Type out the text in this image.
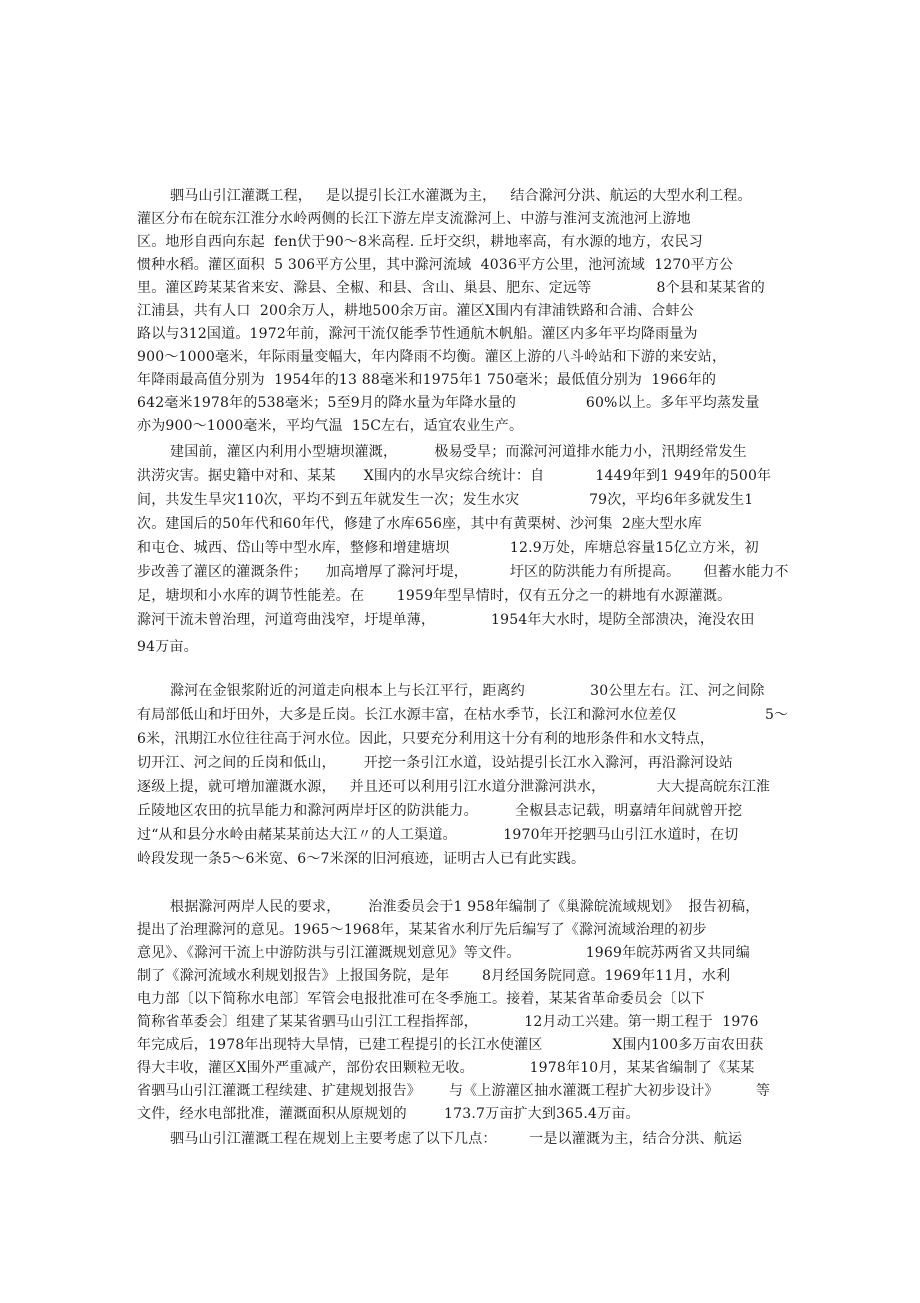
驷马山引江灌溉工程，   是以提引长江水灌溉为主，   结合滁河分洪、航运的大型水利工程。
灌区分布在皖东江淮分水岭两侧的长江下游左岸支流滁河上、中游与淮河支流池河上游地
区。地形自西向东起  fen伏于90～8米高程. 丘圩交织，耕地率高，有水源的地方，农民习
惯种水稻。灌区面积  5 306平方公里，其中滁河流域  4036平方公里，池河流域  1270平方公
里。灌区跨某某省来安、滁县、全椒、和县、含山、巢县、肥东、定远等              8个县和某某省的
江浦县，共有人口  200余万人，耕地500余万亩。灌区X围内有津浦铁路和合浦、合蚌公
路以与312国道。1972年前，滁河干流仅能季节性通航木帆船。灌区内多年平均降雨量为
900～1000毫米，年际雨量变幅大，年内降雨不均衡。灌区上游的八斗岭站和下游的来安站，
年降雨最高值分别为  1954年的13 88毫米和1975年1 750毫米；最低值分别为  1966年的
642毫米1978年的538毫米；5至9月的降水量为年降水量的               60%以上。多年平均蒸发量
亦为900～1000毫米，平均气温  15C左右，适宜农业生产。
建国前，灌区内利用小型塘坝灌溉，        极易受旱；而滁河河道排水能力小，汛期经常发生
洪涝灾害。据史籍中对和、某某      X围内的水旱灾综合统计：自           1449年到1 949年的500年
间，共发生旱灾110次，平均不到五年就发生一次；发生水灾               79次，平均6年多就发生1
次。建国后的50年代和60年代，修建了水库656座，其中有黄栗树、沙河集  2座大型水库
和屯仓、城西、岱山等中型水库，整修和增建塘坝             12.9万处，库塘总容量15亿立方米，初
步改善了灌区的灌溉条件；    加高增厚了滁河圩堤，         圩区的防洪能力有所提高。     但蓄水能力不
足，塘坝和小水库的调节性能差。在       1959年型旱情时，仅有五分之一的耕地有水源灌溉。
滁河干流未曾治理，河道弯曲浅窄，圩堤单薄，            1954年大水时，堤防全部溃决，淹没农田
94万亩。
滁河在金银浆附近的河道走向根本上与长江平行，距离约              30公里左右。江、河之间除
有局部低山和圩田外，大多是丘岗。长江水源丰富，在枯水季节，长江和滁河水位差仅                   5～
6米，汛期江水位往往高于河水位。因此，只要充分利用这十分有利的地形条件和水文特点，
切开江、河之间的丘岗和低山，      开挖一条引江水道，设站提引长江水入滁河，再沿滁河设站
逐级上提，就可增加灌溉水源，   并且还可以利用引江水道分泄滁河洪水，           大大提高皖东江淮
丘陵地区农田的抗旱能力和滁河两岸圩区的防洪能力。        全椒县志记载，明嘉靖年间就曾开挖
过“从和县分水岭由赭某某前达大江〃的人工渠道。          1970年开挖驷马山引江水道时，在切
岭段发现一条5～6米宽、6～7米深的旧河痕迹，证明古人已有此实践。
根据滁河两岸人民的要求，      治淮委员会于1 958年编制了《巢滁皖流域规划》  报告初稿，
提出了治理滁河的意见。1965～1968年，某某省水利厅先后编写了《滁河流域治理的初步
意见》、《滁河干流上中游防洪与引江灌溉规划意见》等文件。              1969年皖苏两省又共同编
制了《滁河流域水利规划报告》上报国务院，是年       8月经国务院同意。1969年11月，水利
电力部〔以下简称水电部〕军管会电报批准可在冬季施工。接着，某某省革命委员会〔以下
简称省革委会〕组建了某某省驷马山引江工程指挥部，          12月动工兴建。第一期工程于  1976
年完成后，1978年出现特大旱情，已建工程提引的长江水使灌区               X围内100多万亩农田获
得大丰收，灌区X围外严重减产，部份农田颗粒无收。            1978年10月，某某省编制了《某某
省驷马山引江灌溉工程续建、扩建规划报告》      与《上游灌区抽水灌溉工程扩大初步设计》        等
文件，经水电部批准，灌溉面积从原规划的        173.7万亩扩大到365.4万亩。
驷马山引江灌溉工程在规划上主要考虑了以下几点：       一是以灌溉为主，结合分洪、航运
